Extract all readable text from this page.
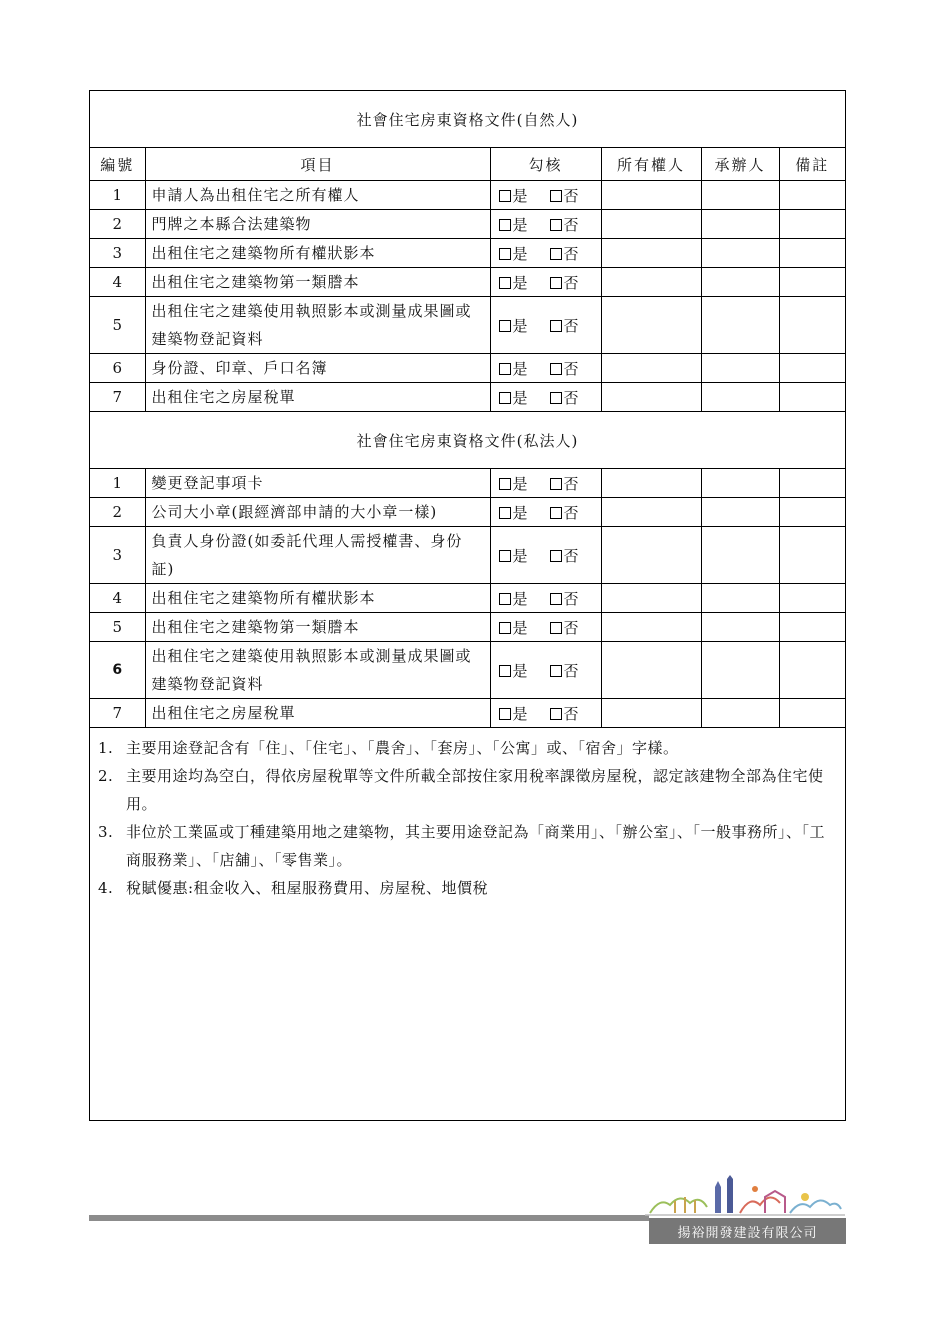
社會住宅房東資格文件(自然人)					
編號	項目	勾核	所有權人	承辦人	備註
1	申請人為出租住宅之所有權人	是 否			
2	門牌之本縣合法建築物	是 否			
3	出租住宅之建築物所有權狀影本	是 否			
4	出租住宅之建築物第一類謄本	是 否			
5	出租住宅之建築使用執照影本或測量成果圖或建築物登記資料	是 否			
6	身份證、印章、戶口名簿	是 否			
7	出租住宅之房屋稅單	是 否			
社會住宅房東資格文件(私法人)					
1	變更登記事項卡	是 否			
2	公司大小章(跟經濟部申請的大小章一樣)	是 否			
3	負責人身份證(如委託代理人需授權書、身份証)	是 否			
4	出租住宅之建築物所有權狀影本	是 否			
5	出租住宅之建築物第一類謄本	是 否			
6	出租住宅之建築使用執照影本或測量成果圖或建築物登記資料	是 否			
7	出租住宅之房屋稅單	是 否			
1. 主要用途登記含有「住」、「住宅」、「農舍」、「套房」、「公寓」或、「宿舍」字樣。
2. 主要用途均為空白，得依房屋稅單等文件所載全部按住家用稅率課徵房屋稅，認定該建物全部為住宅使用。
3. 非位於工業區或丁種建築用地之建築物，其主要用途登記為「商業用」、「辦公室」、「一般事務所」、「工商服務業」、「店舖」、「零售業」。
4. 稅賦優惠:租金收入、租屋服務費用、房屋稅、地價稅
揚裕開發建設有限公司
